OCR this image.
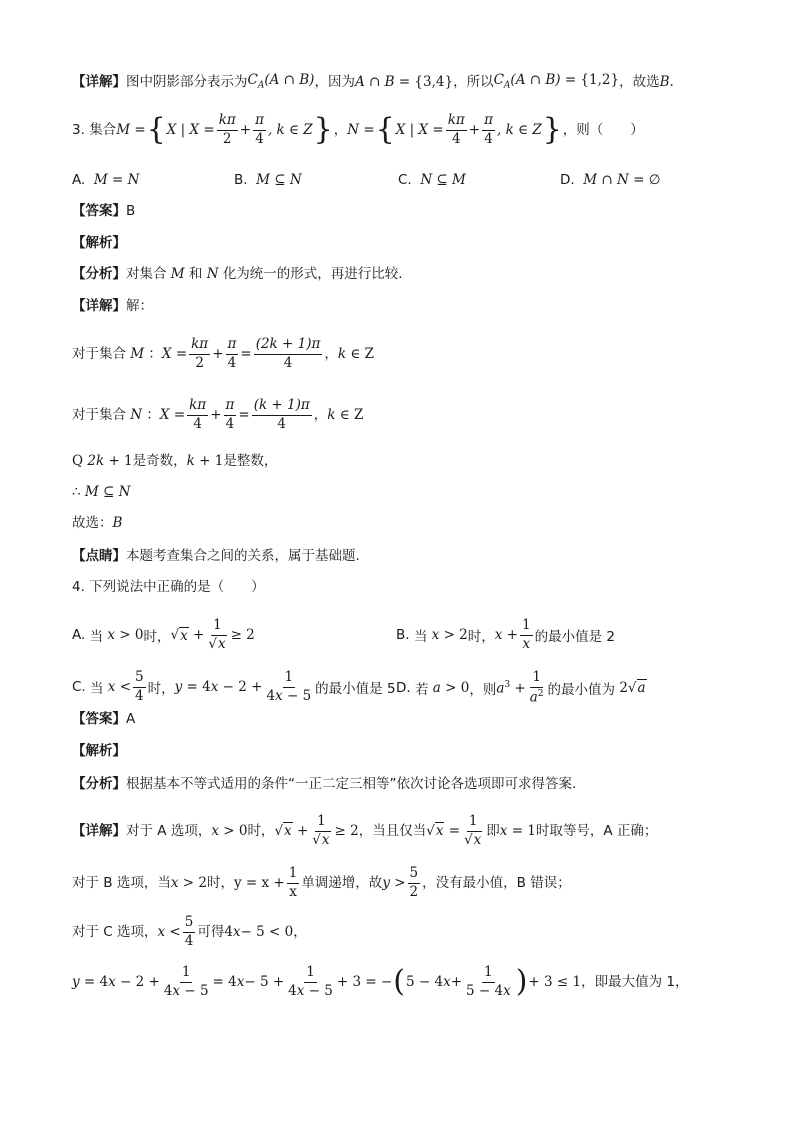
【详解】 图中阴影部分表示为 $C_A(A$ ∩ B) ，因为 A ∩ B = {3,4} ，所以 $C_A(A$ ∩ B) = {1,2} ，故选 B .
3.
集合 M = { X | $X = \frac{k\pi}{2} + \frac{\pi}{4}$ , k ∈ Z } ， N = { X | $X = \frac{k\pi}{4} + \frac{\pi}{4}$ , k ∈ Z } ，则（　　）
A.
M = N	B.
M ⊆ N	C.
N ⊆ M	D.
M ∩ N = ∅
【答案】 B
【解析】
【分析】 对集合 M 和 N 化为统一的形式，再进行比较.
【详解】 解：
对于集合 M ：$X = \frac{k\pi}{2} + \frac{\pi}{4} = \frac{(2k + 1)\pi}{4}$ ， k ∈ Z
对于集合 N ：$X = \frac{k\pi}{4} + \frac{\pi}{4} = \frac{(k + 1)\pi}{4}$ ， k ∈ Z
Q
2k + 1 是奇数， k + 1 是整数，
∴
M ⊆ N
故选： B
【点睛】 本题考查集合之间的关系，属于基础题.
4.
下列说法中正确的是（　　）
A.
当 x > 0 时， √ $x + \frac{1}{√x} \ge 2$	B.
当 x > 2 时， $x + \frac{1}{x}$ 的最小值是 2
C.
当 $x < \frac{5}{4}$ 时， $y = 4x - 2 + \frac{1}{4x - 5}$ 的最小值是 5 D.
若 a > 0 ，则 $a^3 + \frac{1}{a^2}$ 的最小值为 2√ a
【答案】 A
【解析】
【分析】 根据基本不等式适用的条件“一正二定三相等”依次讨论各选项即可求得答案.
【详解】 对于 A 选项， x > 0 时， √ $x + \frac{1}{√x} \ge 2$ ，当且仅当 √ $x = \frac{1}{√x}$ 即 x = 1 时取等号，A 正确；
对于 B 选项，当 x > 2 时， $y = x + \frac{1}{x}$ 单调递增，故 $y > \frac{5}{2}$ ，没有最小值，B 错误；
对于 C 选项， $x < \frac{5}{4}$ 可得 4 x − 5 < 0 ，
$y = 4x - 2 + \frac{1}{4x - 5} = 4$ $x - 5 + \frac{1}{4x - 5} + 3$ = − ( 5 − 4 $x + \frac{1}{5 - 4x}$ ) + 3 ≤ 1 ，即最大值为 1，
